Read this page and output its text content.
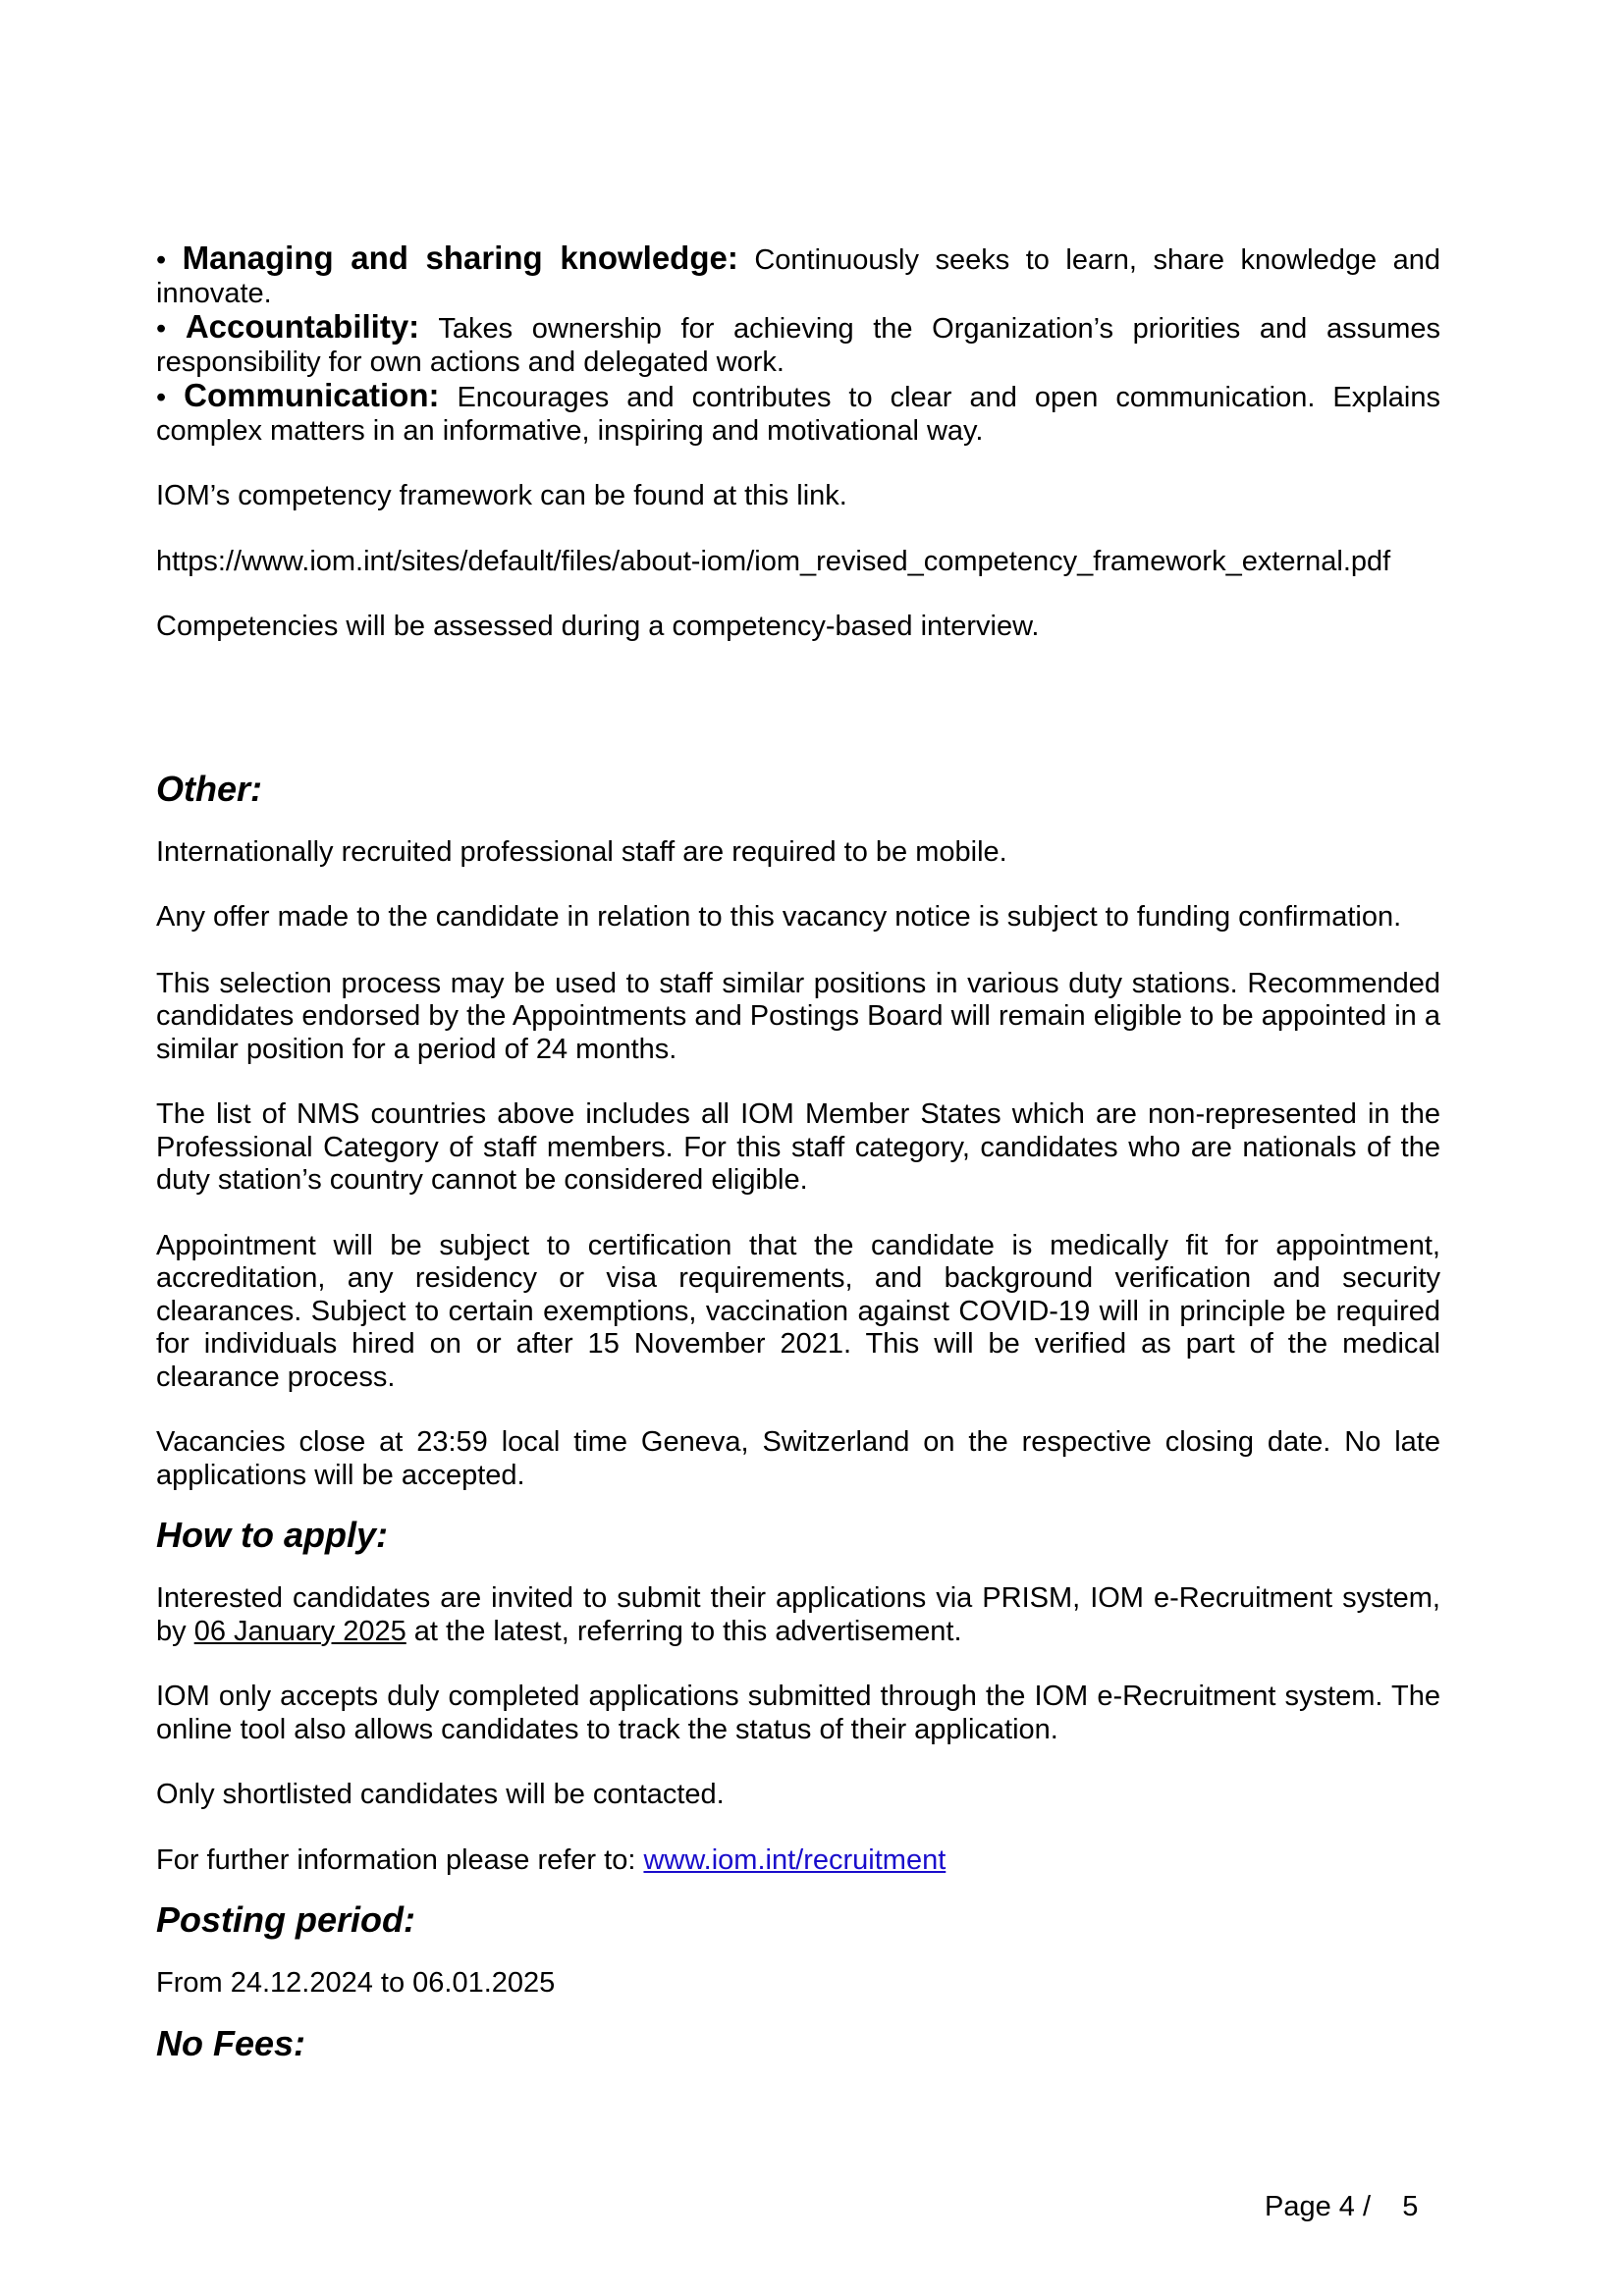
• Managing and sharing knowledge: Continuously seeks to learn, share knowledge and innovate.

• Accountability: Takes ownership for achieving the Organization’s priorities and assumes responsibility for own actions and delegated work.

• Communication: Encourages and contributes to clear and open communication. Explains complex matters in an informative, inspiring and motivational way.

IOM’s competency framework can be found at this link.

https://www.iom.int/sites/default/files/about-iom/iom_revised_competency_framework_external.pdf

Competencies will be assessed during a competency-based interview.

Other:

Internationally recruited professional staff are required to be mobile.

Any offer made to the candidate in relation to this vacancy notice is subject to funding confirmation.

This selection process may be used to staff similar positions in various duty stations. Recommended candidates endorsed by the Appointments and Postings Board will remain eligible to be appointed in a similar position for a period of 24 months.

The list of NMS countries above includes all IOM Member States which are non-represented in the Professional Category of staff members. For this staff category, candidates who are nationals of the duty station’s country cannot be considered eligible.

Appointment will be subject to certification that the candidate is medically fit for appointment, accreditation, any residency or visa requirements, and background verification and security clearances. Subject to certain exemptions, vaccination against COVID-19 will in principle be required for individuals hired on or after 15 November 2021. This will be verified as part of the medical clearance process.

Vacancies close at 23:59 local time Geneva, Switzerland on the respective closing date. No late applications will be accepted.

How to apply:

Interested candidates are invited to submit their applications via PRISM, IOM e-Recruitment system, by 06 January 2025 at the latest, referring to this advertisement.

IOM only accepts duly completed applications submitted through the IOM e-Recruitment system. The online tool also allows candidates to track the status of their application.

Only shortlisted candidates will be contacted.

For further information please refer to: www.iom.int/recruitment

Posting period:

From 24.12.2024 to 06.01.2025

No Fees:
Page 4 /    5
